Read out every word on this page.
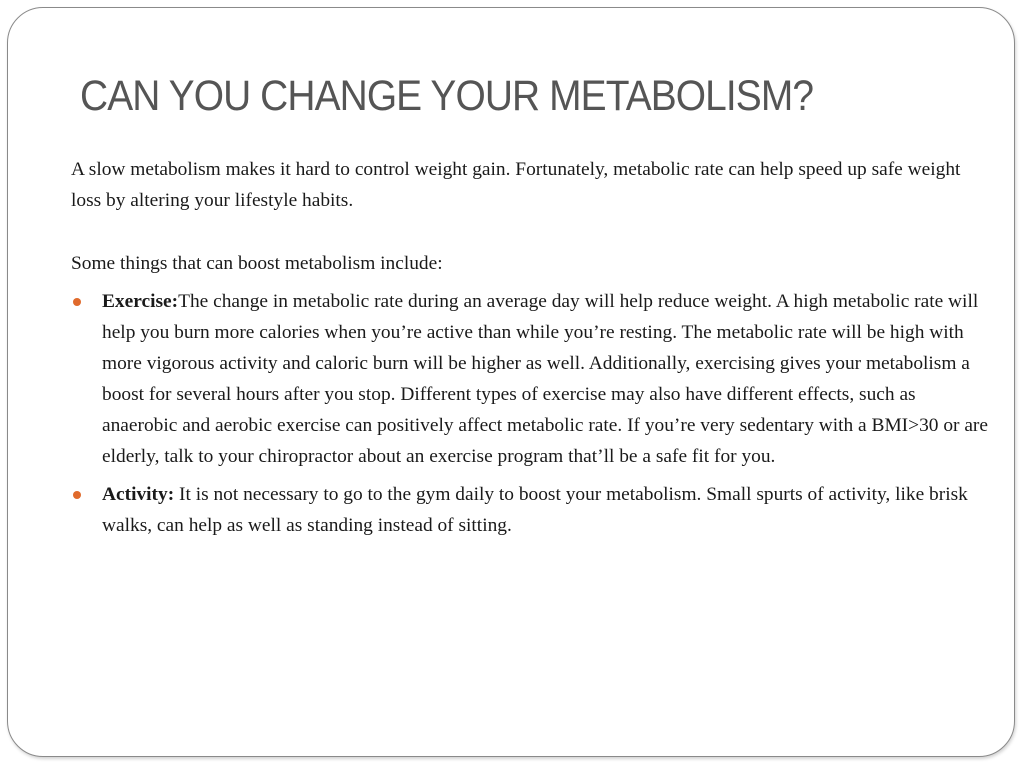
CAN YOU CHANGE YOUR METABOLISM?

A slow metabolism makes it hard to control weight gain. Fortunately, metabolic rate can help speed up safe weight loss by altering your lifestyle habits.

Some things that can boost metabolism include:

Exercise:The change in metabolic rate during an average day will help reduce weight. A high metabolic rate will help you burn more calories when you’re active than while you’re resting. The metabolic rate will be high with more vigorous activity and caloric burn will be higher as well. Additionally, exercising gives your metabolism a boost for several hours after you stop. Different types of exercise may also have different effects, such as anaerobic and aerobic exercise can positively affect metabolic rate. If you’re very sedentary with a BMI>30 or are elderly, talk to your chiropractor about an exercise program that’ll be a safe fit for you.
Activity: It is not necessary to go to the gym daily to boost your metabolism. Small spurts of activity, like brisk walks, can help as well as standing instead of sitting.
